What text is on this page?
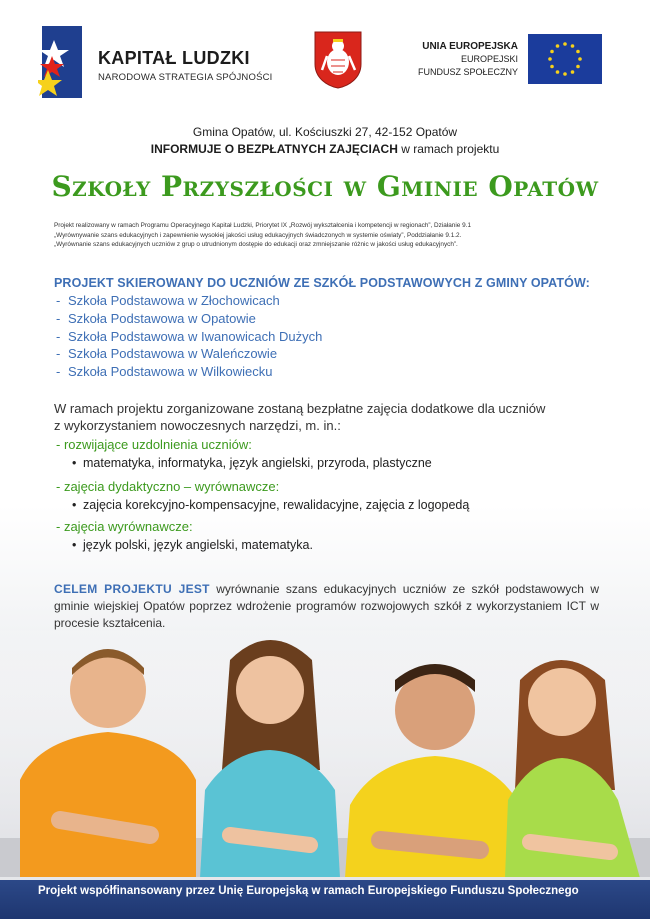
KAPITAŁ LUDZKI
NARODOWA STRATEGIA SPÓJNOŚCI
UNIA EUROPEJSKA
EUROPEJSKI
FUNDUSZ SPOŁECZNY
Gmina Opatów, ul. Kościuszki 27, 42-152 Opatów
INFORMUJE O BEZPŁATNYCH ZAJĘCIACH w ramach projektu
Szkoły Przyszłości w Gminie Opatów
Projekt realizowany w ramach Programu Operacyjnego Kapitał Ludzki, Priorytet IX „Rozwój wykształcenia i kompetencji w regionach”, Działanie 9.1
„Wyrównywanie szans edukacyjnych i zapewnienie wysokiej jakości usług edukacyjnych świadczonych w systemie oświaty”, Poddziałanie 9.1.2.
„Wyrównanie szans edukacyjnych uczniów z grup o utrudnionym dostępie do edukacji oraz zmniejszanie różnic w jakości usług edukacyjnych”.
PROJEKT SKIEROWANY DO UCZNIÓW ZE SZKÓŁ PODSTAWOWYCH Z GMINY OPATÓW:
- Szkoła Podstawowa w Złochowicach
- Szkoła Podstawowa w Opatowie
- Szkoła Podstawowa w Iwanowicach Dużych
- Szkoła Podstawowa w Waleńczowie
- Szkoła Podstawowa w Wilkowiecku
W ramach projektu zorganizowane zostaną bezpłatne zajęcia dodatkowe dla uczniów
z wykorzystaniem nowoczesnych narzędzi, m. in.:
- rozwijające uzdolnienia uczniów:
• matematyka, informatyka, język angielski, przyroda, plastyczne
- zajęcia dydaktyczno – wyrównawcze:
• zajęcia korekcyjno-kompensacyjne, rewalidacyjne, zajęcia z logopedą
- zajęcia wyrównawcze:
• język polski, język angielski, matematyka.
CELEM PROJEKTU JEST wyrównanie szans edukacyjnych uczniów ze szkół podstawowych w gminie wiejskiej Opatów poprzez wdrożenie programów rozwojowych szkół z wykorzystaniem ICT w
Projekt współfinansowany przez Unię Europejską w ramach Europejskiego Funduszu Społecznego
